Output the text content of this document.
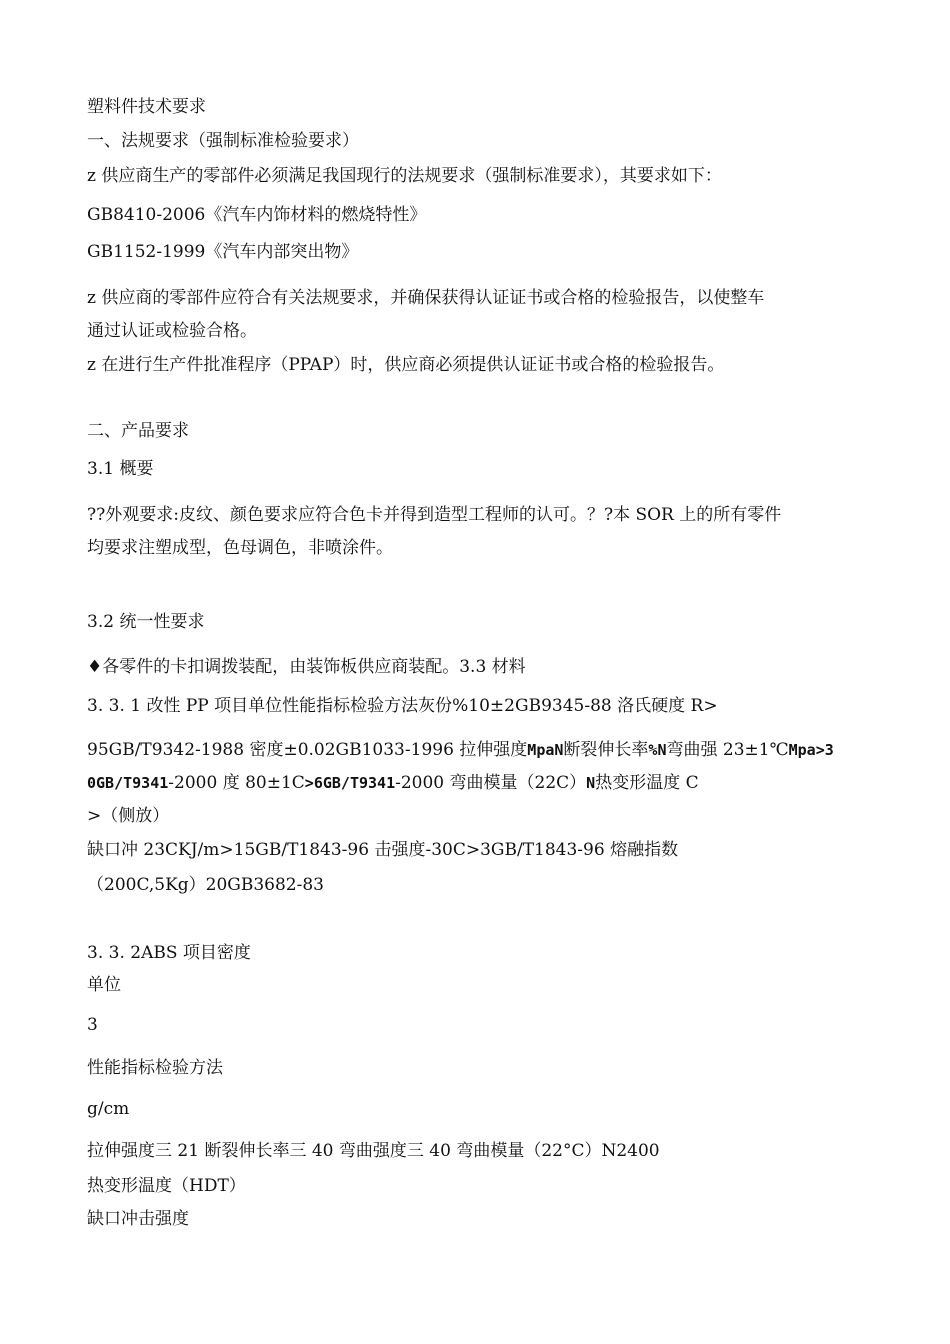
塑料件技术要求
一、法规要求（强制标准检验要求）
z 供应商生产的零部件必须满足我国现行的法规要求（强制标准要求），其要求如下：
GB8410-2006《汽车内饰材料的燃烧特性》
GB1152-1999《汽车内部突出物》
z 供应商的零部件应符合有关法规要求，并确保获得认证证书或合格的检验报告，以使整车
通过认证或检验合格。
z 在进行生产件批准程序（PPAP）时，供应商必须提供认证证书或合格的检验报告。
二、产品要求
3.1 概要
??外观要求:皮纹、颜色要求应符合色卡并得到造型工程师的认可。？?本 SOR 上的所有零件
均要求注塑成型，色母调色，非喷涂件。
3.2 统一性要求
♦各零件的卡扣调拨装配，由装饰板供应商装配。3.3 材料
3. 3. 1 改性 PP 项目单位性能指标检验方法灰份%10±2GB9345-88 洛氏硬度 R>
95GB/T9342-1988 密度±0.02GB1033-1996 拉伸强度MpaN断裂伸长率%N弯曲强 23±1℃Mpa>3
0GB/T9341-2000 度 80±1C>6GB/T9341-2000 弯曲模量（22C）N热变形温度 C
>（侧放）
缺口冲 23CKJ/m>15GB/T1843-96 击强度-30C>3GB/T1843-96 熔融指数
（200C,5Kg）20GB3682-83
3. 3. 2ABS 项目密度
单位
3
性能指标检验方法
g/cm
拉伸强度三 21 断裂伸长率三 40 弯曲强度三 40 弯曲模量（22°C）N2400
热变形温度（HDT）
缺口冲击强度
